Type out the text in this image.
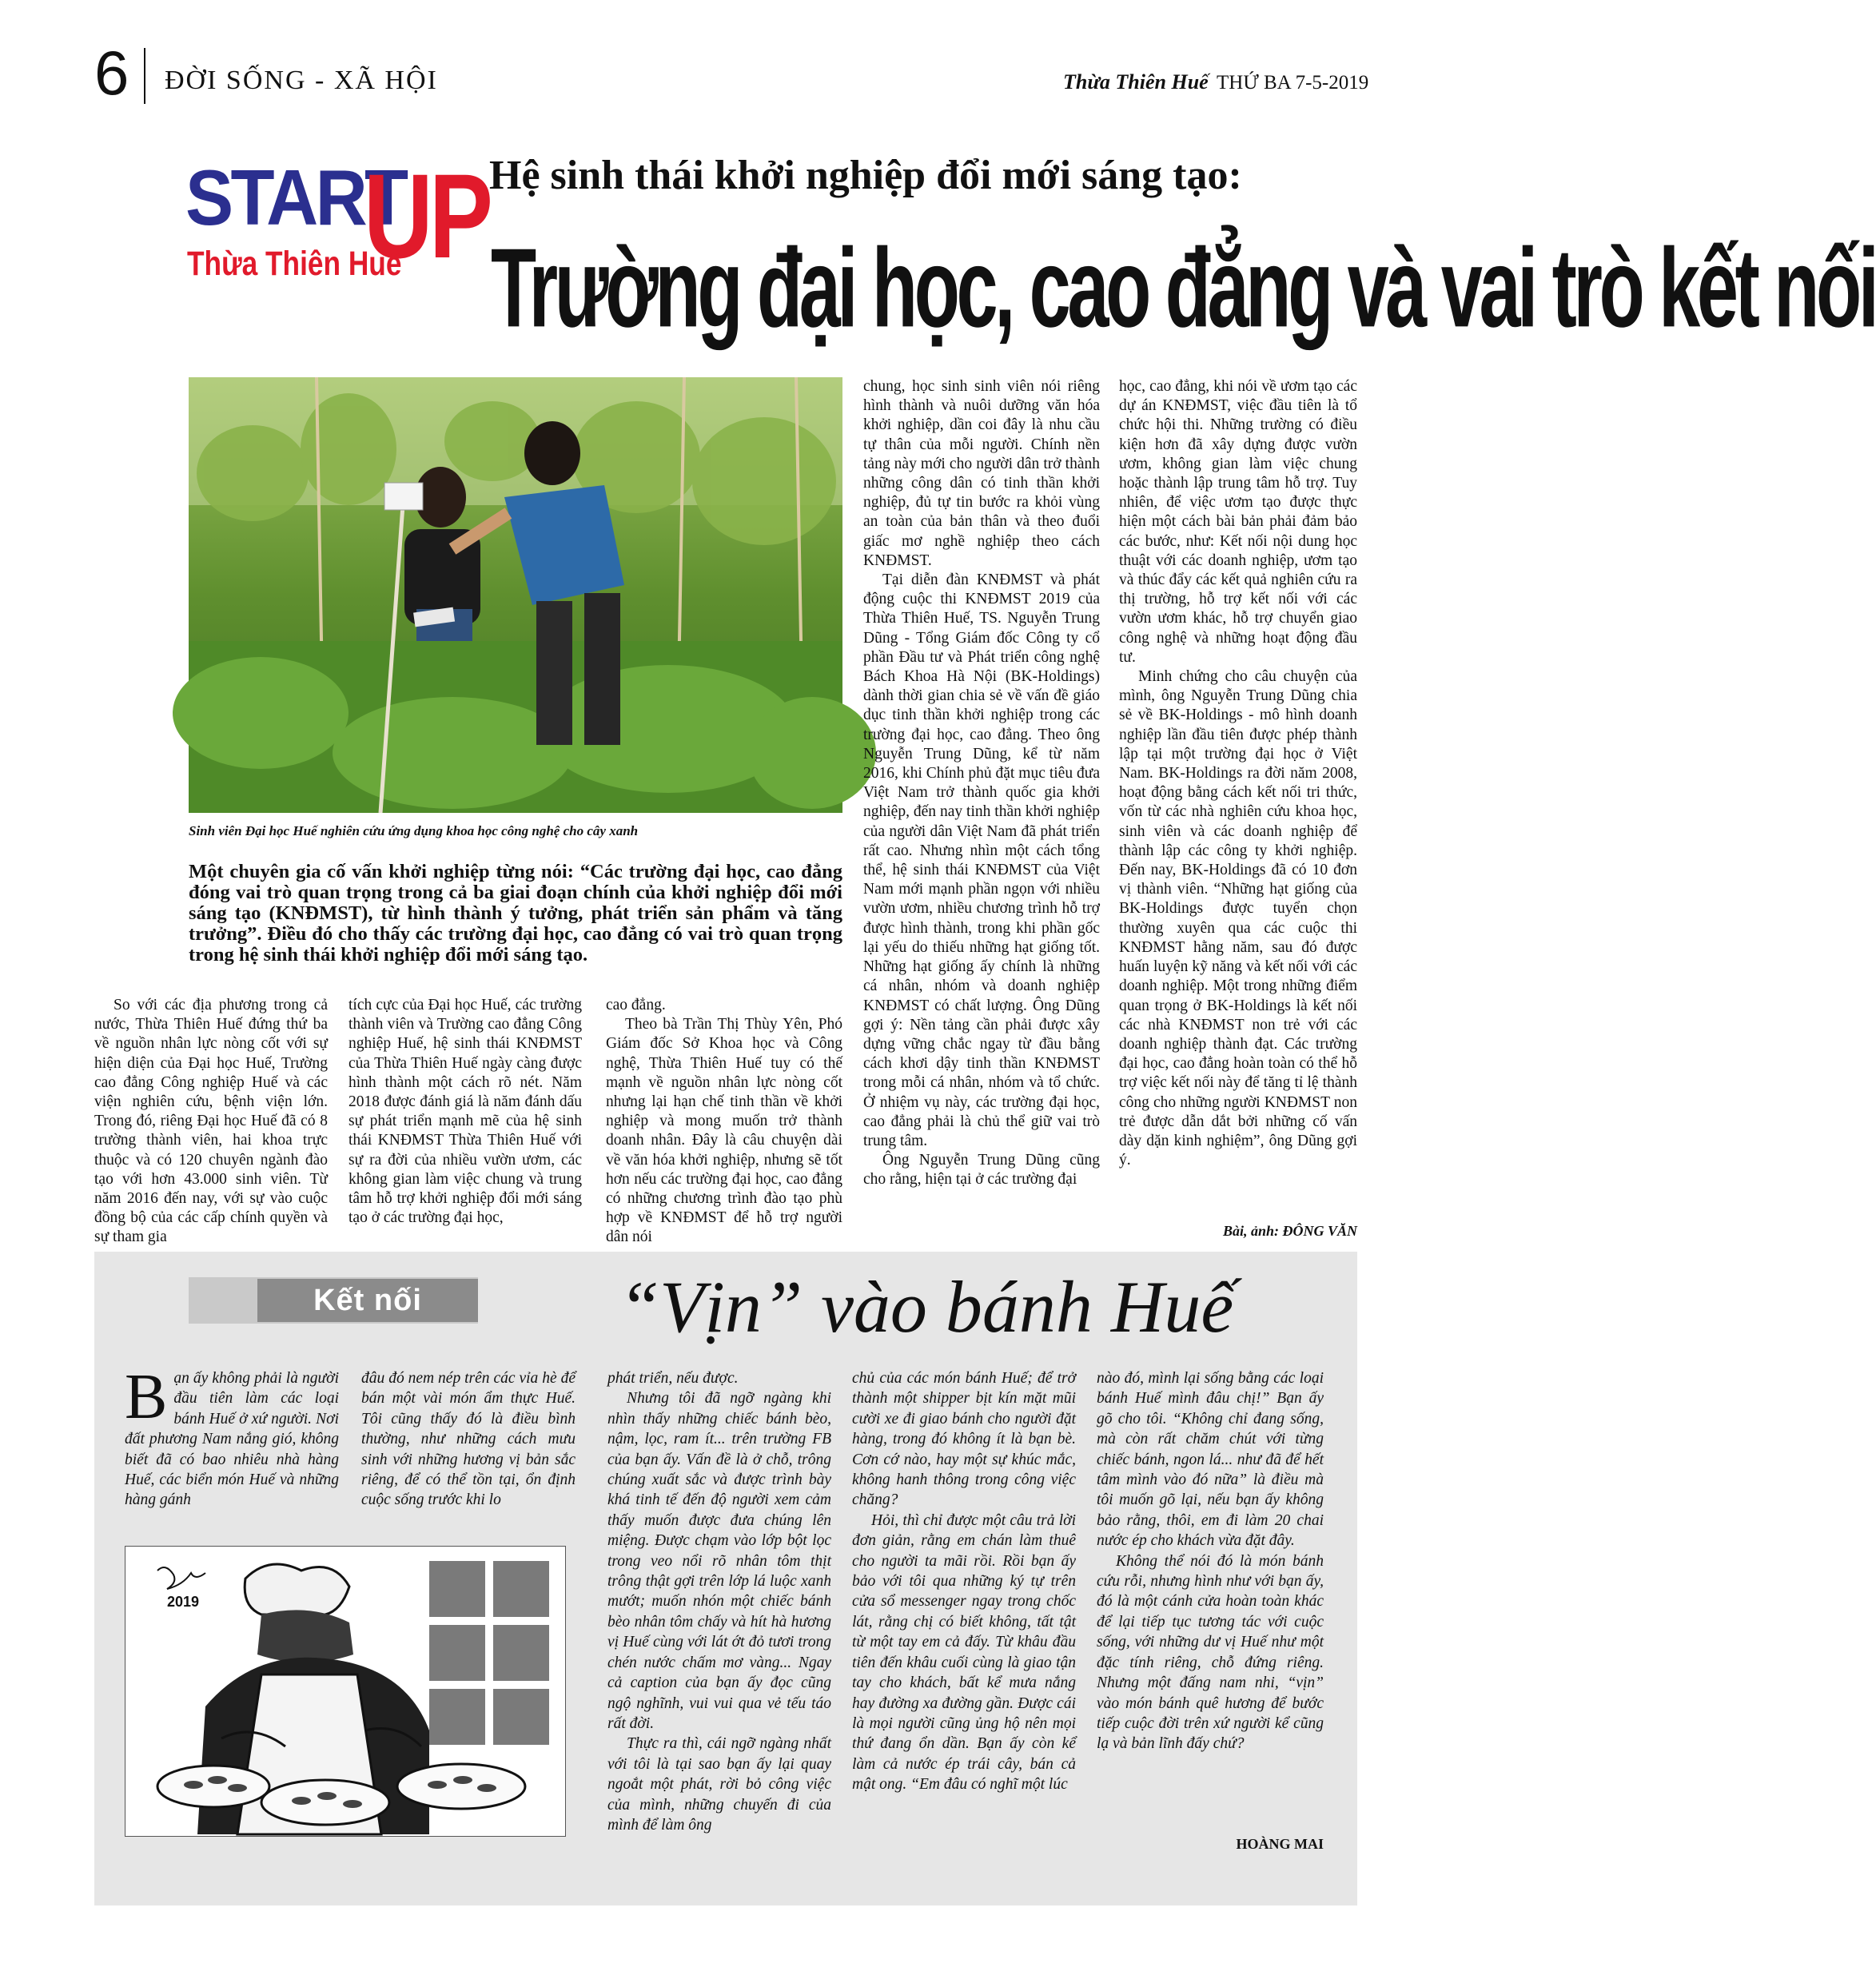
6 ĐỜI SỐNG - XÃ HỘI	Thừa Thiên Huế THỨ BA 7-5-2019
START
UP
Thừa Thiên Huế
Hệ sinh thái khởi nghiệp đổi mới sáng tạo:
Trường đại học, cao đẳng và vai trò kết nối
Sinh viên Đại học Huế nghiên cứu ứng dụng khoa học công nghệ cho cây xanh
Một chuyên gia cố vấn khởi nghiệp từng nói: “Các trường đại học, cao đẳng đóng vai trò quan trọng trong cả ba giai đoạn chính của khởi nghiệp đổi mới sáng tạo (KNĐMST), từ hình thành ý tưởng, phát triển sản phẩm và tăng trưởng”. Điều đó cho thấy các trường đại học, cao đẳng có vai trò quan trọng trong hệ sinh thái khởi nghiệp đổi mới sáng tạo.

So với các địa phương trong cả nước, Thừa Thiên Huế đứng thứ ba về nguồn nhân lực nòng cốt với sự hiện diện của Đại học Huế, Trường cao đẳng Công nghiệp Huế và các viện nghiên cứu, bệnh viện lớn. Trong đó, riêng Đại học Huế đã có 8 trường thành viên, hai khoa trực thuộc và có 120 chuyên ngành đào tạo với hơn 43.000 sinh viên. Từ năm 2016 đến nay, với sự vào cuộc đồng bộ của các cấp chính quyền và sự tham gia

tích cực của Đại học Huế, các trường thành viên và Trường cao đẳng Công nghiệp Huế, hệ sinh thái KNĐMST của Thừa Thiên Huế ngày càng được hình thành một cách rõ nét. Năm 2018 được đánh giá là năm đánh dấu sự phát triển mạnh mẽ của hệ sinh thái KNĐMST Thừa Thiên Huế với sự ra đời của nhiều vườn ươm, các không gian làm việc chung và trung tâm hỗ trợ khởi nghiệp đổi mới sáng tạo ở các trường đại học,

cao đẳng.

Theo bà Trần Thị Thùy Yên, Phó Giám đốc Sở Khoa học và Công nghệ, Thừa Thiên Huế tuy có thế mạnh về nguồn nhân lực nòng cốt nhưng lại hạn chế tinh thần về khởi nghiệp và mong muốn trở thành doanh nhân. Đây là câu chuyện dài về văn hóa khởi nghiệp, nhưng sẽ tốt hơn nếu các trường đại học, cao đẳng có những chương trình đào tạo phù hợp về KNĐMST để hỗ trợ người dân nói

chung, học sinh sinh viên nói riêng hình thành và nuôi dưỡng văn hóa khởi nghiệp, dần coi đây là nhu cầu tự thân của mỗi người. Chính nền tảng này mới cho người dân trở thành những công dân có tinh thần khởi nghiệp, đủ tự tin bước ra khỏi vùng an toàn của bản thân và theo đuổi giấc mơ nghề nghiệp theo cách KNĐMST.

Tại diễn đàn KNĐMST và phát động cuộc thi KNĐMST 2019 của Thừa Thiên Huế, TS. Nguyễn Trung Dũng - Tổng Giám đốc Công ty cổ phần Đầu tư và Phát triển công nghệ Bách Khoa Hà Nội (BK-Holdings) dành thời gian chia sẻ về vấn đề giáo dục tinh thần khởi nghiệp trong các trường đại học, cao đẳng. Theo ông Nguyễn Trung Dũng, kể từ năm 2016, khi Chính phủ đặt mục tiêu đưa Việt Nam trở thành quốc gia khởi nghiệp, đến nay tinh thần khởi nghiệp của người dân Việt Nam đã phát triển rất cao. Nhưng nhìn một cách tổng thể, hệ sinh thái KNĐMST của Việt Nam mới mạnh phần ngọn với nhiều vườn ươm, nhiều chương trình hỗ trợ được hình thành, trong khi phần gốc lại yếu do thiếu những hạt giống tốt. Những hạt giống ấy chính là những cá nhân, nhóm và doanh nghiệp KNĐMST có chất lượng. Ông Dũng gợi ý: Nền tảng cần phải được xây dựng vững chắc ngay từ đầu bằng cách khơi dậy tinh thần KNĐMST trong mỗi cá nhân, nhóm và tổ chức. Ở nhiệm vụ này, các trường đại học, cao đẳng phải là chủ thể giữ vai trò trung tâm.

Ông Nguyễn Trung Dũng cũng cho rằng, hiện tại ở các trường đại

học, cao đẳng, khi nói về ươm tạo các dự án KNĐMST, việc đầu tiên là tổ chức hội thi. Những trường có điều kiện hơn đã xây dựng được vườn ươm, không gian làm việc chung hoặc thành lập trung tâm hỗ trợ. Tuy nhiên, để việc ươm tạo được thực hiện một cách bài bản phải đảm bảo các bước, như: Kết nối nội dung học thuật với các doanh nghiệp, ươm tạo và thúc đẩy các kết quả nghiên cứu ra thị trường, hỗ trợ kết nối với các vườn ươm khác, hỗ trợ chuyển giao công nghệ và những hoạt động đầu tư.

Minh chứng cho câu chuyện của mình, ông Nguyễn Trung Dũng chia sẻ về BK-Holdings - mô hình doanh nghiệp lần đầu tiên được phép thành lập tại một trường đại học ở Việt Nam. BK-Holdings ra đời năm 2008, hoạt động bằng cách kết nối tri thức, vốn từ các nhà nghiên cứu khoa học, sinh viên và các doanh nghiệp để thành lập các công ty khởi nghiệp. Đến nay, BK-Holdings đã có 10 đơn vị thành viên. “Những hạt giống của BK-Holdings được tuyển chọn thường xuyên qua các cuộc thi KNĐMST hằng năm, sau đó được huấn luyện kỹ năng và kết nối với các doanh nghiệp. Một trong những điểm quan trọng ở BK-Holdings là kết nối các nhà KNĐMST non trẻ với các doanh nghiệp thành đạt. Các trường đại học, cao đẳng hoàn toàn có thể hỗ trợ việc kết nối này để tăng tỉ lệ thành công cho những người KNĐMST non trẻ được dẫn dắt bởi những cố vấn dày dặn kinh nghiệm”, ông Dũng gợi ý.

Bài, ảnh: ĐÔNG VĂN
Kết nối	“Vịn” vào bánh Huế

Bạn ấy không phải là người đầu tiên làm các loại bánh Huế ở xứ người. Nơi đất phương Nam nắng gió, không biết đã có bao nhiêu nhà hàng Huế, các biển món Huế và những hàng gánh

đâu đó nem nép trên các vỉa hè để bán một vài món ẩm thực Huế. Tôi cũng thấy đó là điều bình thường, như những cách mưu sinh với những hương vị bản sắc riêng, để có thể tồn tại, ổn định cuộc sống trước khi lo

phát triển, nếu được.

Nhưng tôi đã ngỡ ngàng khi nhìn thấy những chiếc bánh bèo, nậm, lọc, ram ít... trên trường FB của bạn ấy. Vấn đề là ở chỗ, trông chúng xuất sắc và được trình bày khá tinh tế đến độ người xem cảm thấy muốn được đưa chúng lên miệng. Được chạm vào lớp bột lọc trong veo nổi rõ nhân tôm thịt trông thật gợi trên lớp lá luộc xanh mướt; muốn nhón một chiếc bánh bèo nhân tôm chấy và hít hà hương vị Huế cùng với lát ớt đỏ tươi trong chén nước chấm mơ vàng... Ngay cả caption của bạn ấy đọc cũng ngộ nghĩnh, vui vui qua vẻ tếu táo rất đời.

Thực ra thì, cái ngỡ ngàng nhất với tôi là tại sao bạn ấy lại quay ngoắt một phát, rời bỏ công việc của mình, những chuyến đi của mình để làm ông

chủ của các món bánh Huế; để trở thành một shipper bịt kín mặt mũi cười xe đi giao bánh cho người đặt hàng, trong đó không ít là bạn bè. Cơn cớ nào, hay một sự khúc mắc, không hanh thông trong công việc chăng?

Hỏi, thì chỉ được một câu trả lời đơn giản, rằng em chán làm thuê cho người ta mãi rồi. Rồi bạn ấy bảo với tôi qua những ký tự trên cửa sổ messenger ngay trong chốc lát, rằng chị có biết không, tất tật từ một tay em cả đấy. Từ khâu đầu tiên đến khâu cuối cùng là giao tận tay cho khách, bất kể mưa nắng hay đường xa đường gần. Được cái là mọi người cũng ủng hộ nên mọi thứ đang ổn dần. Bạn ấy còn kể làm cả nước ép trái cây, bán cả mật ong. “Em đâu có nghĩ một lúc

nào đó, mình lại sống bằng các loại bánh Huế mình đâu chị!” Bạn ấy gõ cho tôi. “Không chỉ đang sống, mà còn rất chăm chút với từng chiếc bánh, ngon lá... như đã để hết tâm mình vào đó nữa” là điều mà tôi muốn gõ lại, nếu bạn ấy không bảo rằng, thôi, em đi làm 20 chai nước ép cho khách vừa đặt đây.

Không thể nói đó là món bánh cứu rỗi, nhưng hình như với bạn ấy, đó là một cánh cửa hoàn toàn khác để lại tiếp tục tương tác với cuộc sống, với những dư vị Huế như một đặc tính riêng, chỗ đứng riêng. Nhưng một đấng nam nhi, “vịn” vào món bánh quê hương để bước tiếp cuộc đời trên xứ người kể cũng lạ và bản lĩnh đấy chứ?

HOÀNG MAI
2019
